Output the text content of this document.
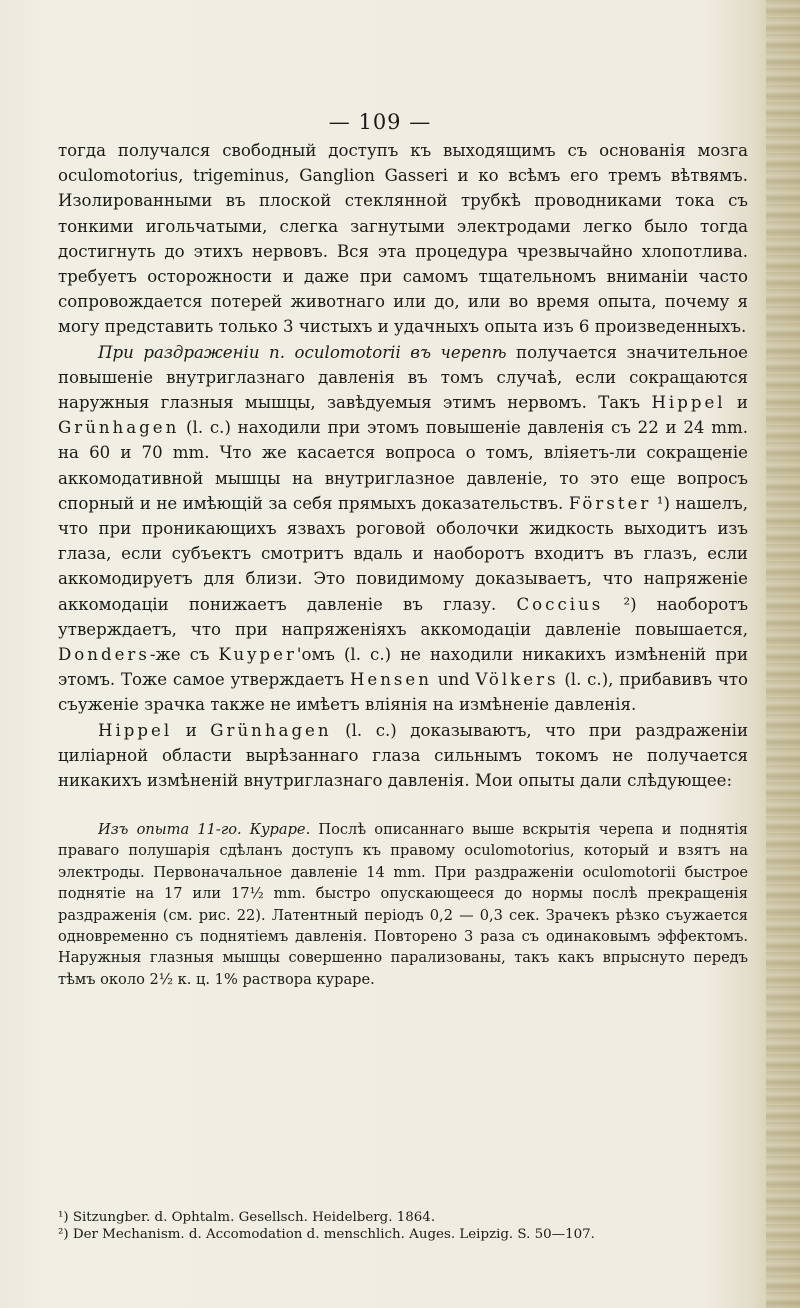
— 109 —

тогда получался свободный доступъ къ выходящимъ съ основанія мозга oculomotorius, trigeminus, Ganglion Gasseri и ко всѣмъ его тремъ вѣтвямъ. Изолированными въ плоской стеклянной трубкѣ проводниками тока съ тонкими игольчатыми, слегка загнутыми электродами легко было тогда достигнуть до этихъ нервовъ. Вся эта процедура чрезвычайно хлопотлива. требуетъ осторожности и даже при самомъ тщательномъ вниманіи часто сопровождается потерей животнаго или до, или во время опыта, почему я могу представить только 3 чистыхъ и удачныхъ опыта изъ 6 произведенныхъ.

При раздраженіи n. oculomotorii въ черепѣ получается значительное повышеніе внутриглазнаго давленія въ томъ случаѣ, если сокращаются наружныя глазныя мышцы, завѣдуемыя этимъ нервомъ. Такъ Hippel и Grünhagen (l. c.) находили при этомъ повышеніе давленія съ 22 и 24 mm. на 60 и 70 mm. Что же касается вопроса о томъ, вліяетъ-ли сокращеніе аккомодативной мышцы на внутриглазное давленіе, то это еще вопросъ спорный и не имѣющій за себя прямыхъ доказательствъ. Förster ¹) нашелъ, что при проникающихъ язвахъ роговой оболочки жидкость выходитъ изъ глаза, если субъектъ смотритъ вдаль и наоборотъ входитъ въ глазъ, если аккомодируетъ для близи. Это повидимому доказываетъ, что напряженіе аккомодаціи понижаетъ давленіе въ глазу. Coccius ²) наоборотъ утверждаетъ, что при напряженіяхъ аккомодаціи давленіе повышается, Donders-же съ Kuyper'омъ (l. c.) не находили никакихъ измѣненій при этомъ. Тоже самое утверждаетъ Hensen und Völkers (l. c.), прибавивъ что съуженіе зрачка также не имѣетъ вліянія на измѣненіе давленія.

Hippel и Grünhagen (l. c.) доказываютъ, что при раздраженіи циліарной области вырѣзаннаго глаза сильнымъ токомъ не получается никакихъ измѣненій внутриглазнаго давленія. Мои опыты дали слѣдующее:

Изъ опыта 11-го. Кураре. Послѣ описаннаго выше вскрытія черепа и поднятія праваго полушарія сдѣланъ доступъ къ правому oculomotorius, который и взятъ на электроды. Первоначальное давленіе 14 mm. При раздраженіи oculomotorii быстрое поднятіе на 17 или 17½ mm. быстро опускающееся до нормы послѣ прекращенія раздраженія (см. рис. 22). Латентный періодъ 0,2 — 0,3 сек. Зрачекъ рѣзко съужается одновременно съ поднятіемъ давленія. Повторено 3 раза съ одинаковымъ эффектомъ. Наружныя глазныя мышцы совершенно парализованы, такъ какъ впрыснуто передъ тѣмъ около 2½ к. ц. 1% раствора кураре.

¹) Sitzungber. d. Ophtalm. Gesellsch. Heidelberg. 1864.

²) Der Mechanism. d. Accomodation d. menschlich. Auges. Leipzig. S. 50—107.
